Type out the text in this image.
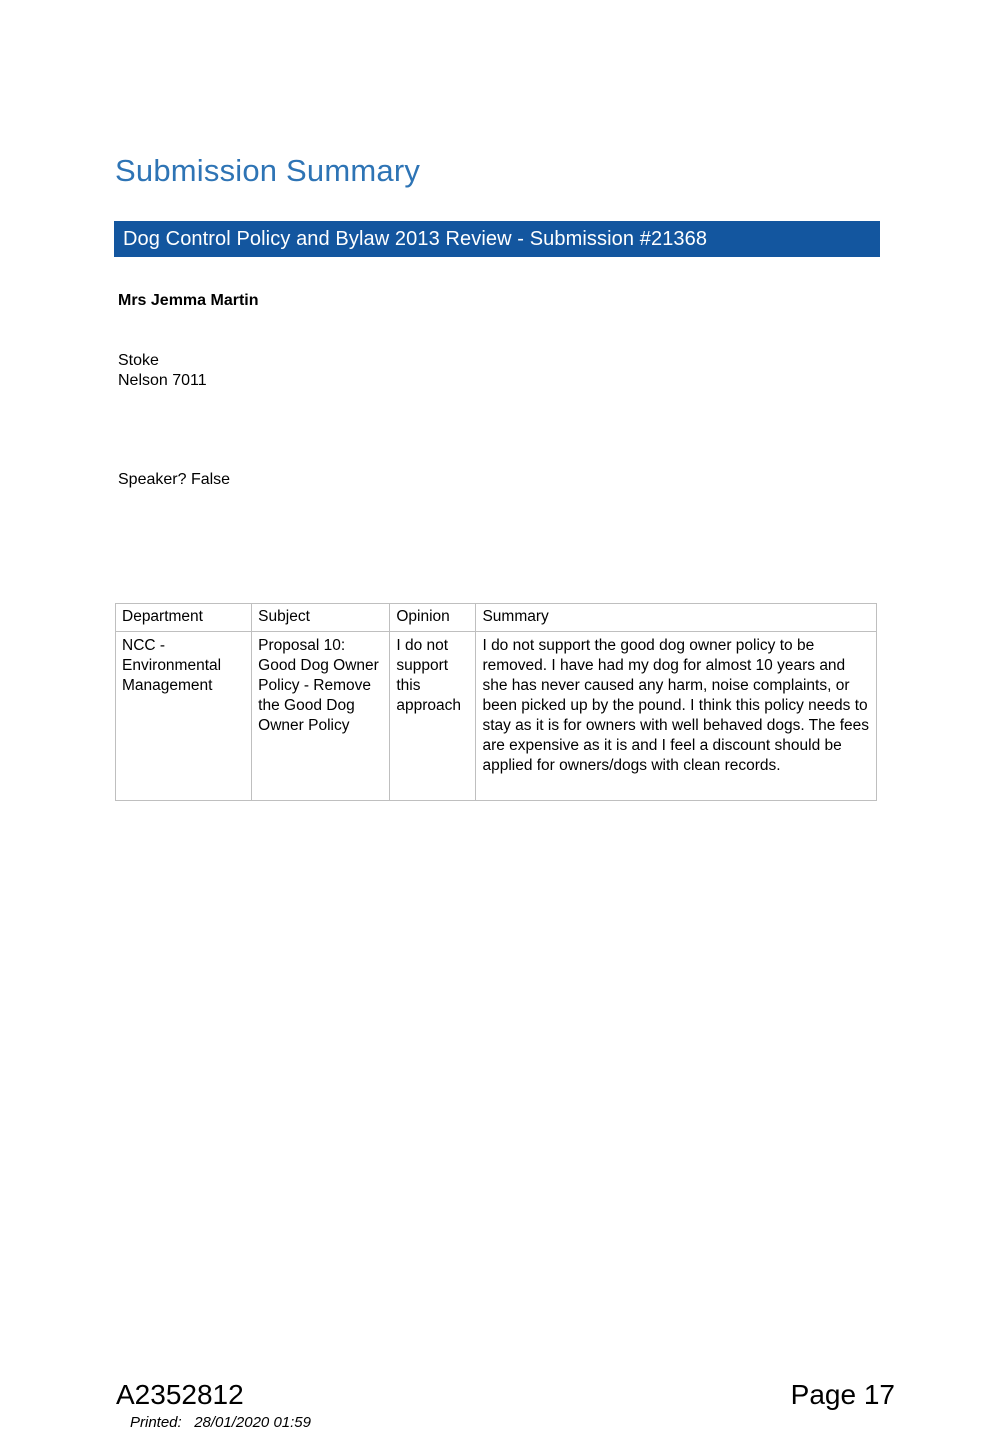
Submission Summary
Dog Control Policy and Bylaw 2013 Review - Submission #21368
Mrs Jemma Martin
Stoke
Nelson 7011
Speaker? False
Department	Subject	Opinion	Summary
NCC - Environmental Management	Proposal 10: Good Dog Owner Policy - Remove the Good Dog Owner Policy	I do not support this approach	I do not support the good dog owner policy to be removed. I have had my dog for almost 10 years and she has never caused any harm, noise complaints, or been picked up by the pound. I think this policy needs to stay as it is for owners with well behaved dogs. The fees are expensive as it is and I feel a discount should be applied for owners/dogs with clean records.
A2352812	Page 17
Printed:   28/01/2020 01:59
